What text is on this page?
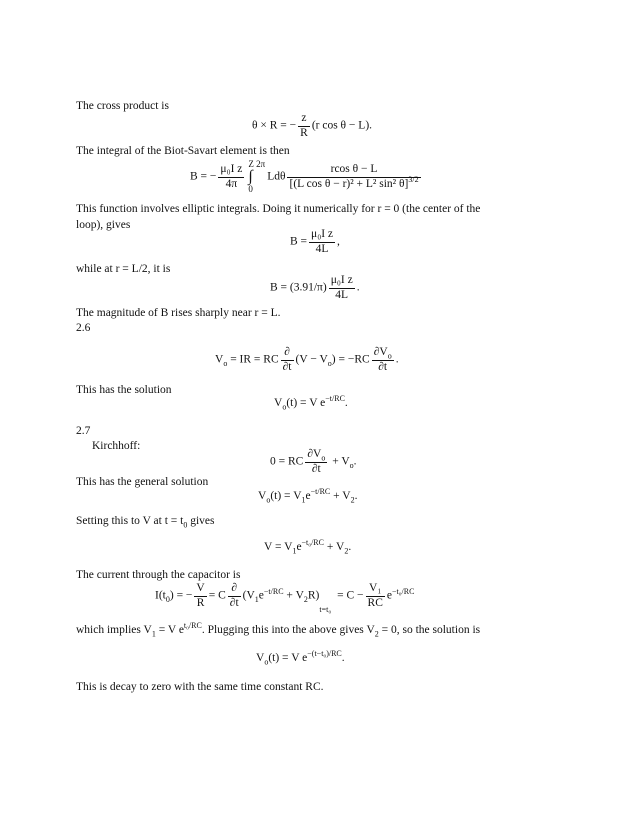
The cross product is
θ × R = − $\frac{z}{R} (r$ cos θ − L).
The integral of the Biot-Savart element is then
B = − $\frac{\text{μ₀I z}}{4\pi}$ Z 2π
∫
0
Ldθ $\frac{\text{rcos θ − L}}{[(L \cos \theta - r)^2 + L^2 \sin^2 \theta]^{3/2}}$
This function involves elliptic integrals. Doing it numerically for r = 0 (the center of the
loop), gives
$B = \frac{\text{μ₀I z}}{4L}$ ,
while at r = L/2, it is
$B = (3.91/\pi) \frac{\text{μ₀I z}}{4L}$ .
The magnitude of B rises sharply near r = L.
2.6
$V_o$ = IR = RC $\frac{\partial}{\partial t} (V - V_o) = -RC \frac{\partial V_o}{\partial t}$ .
This has the solution
$V_o(t) = V$ $e^{-t/RC}$.
2.7
Kirchhoff:
0 = RC $\frac{\partial V_o}{\partial t} + V_o$.
This has the general solution
$V_o(t) = V_1e^{-t/RC} + V_2$.
Setting this to V at $t = t_0$ gives
$V = V_1e^{-t_0/RC} + V_2$.
The current through the capacitor is
$I(t_0)$ = − $\frac{V}{R} = C \frac{\partial}{\partial t} (V_1e^{-t/RC} + V_2R)_{t=t_0}= C - \frac{\text{V₁}}{RC} e^{-t_0/RC}$
which implies $V_1 = V$ $e^{t_0/RC}$. Plugging this into the above gives $V_2 = 0$, so the solution is
$V_o(t) = V$ $e^{-(t-t_0)/RC}$.
This is decay to zero with the same time constant RC.
